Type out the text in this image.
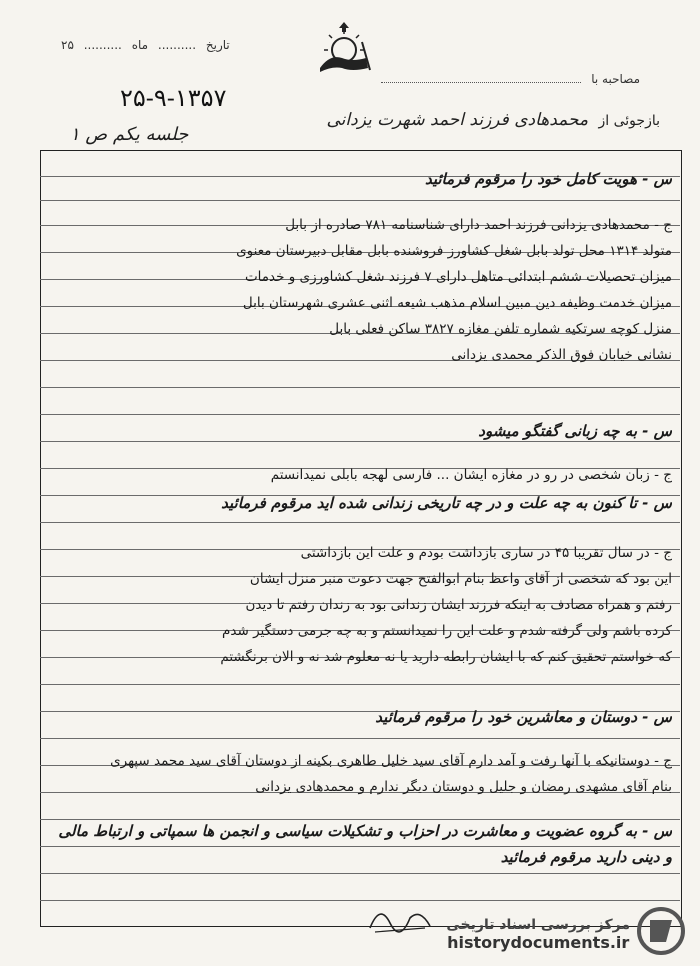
تاریخ .......... ماه .......... ۲۵
مصاحبه با
۲۵-۹-۱۳۵۷
بازجوئی از محمدهادی فرزند احمد شهرت یزدانی
جلسه یکم ص ۱
س - هویت کامل خود را مرقوم فرمائید
ج - محمدهادی یزدانی فرزند احمد دارای شناسنامه ۷۸۱ صادره از بابل
متولد ۱۳۱۴ محل تولد بابل شغل کشاورز فروشنده بابل مقابل دبیرستان معنوی
میزان تحصیلات ششم ابتدائی متاهل دارای ۷ فرزند شغل کشاورزی و خدمات
میزان خدمت وظیفه دین مبین اسلام مذهب شیعه اثنی عشری شهرستان بابل
منزل کوچه سرتکیه شماره تلفن مغازه ۳۸۲۷ ساکن فعلی بابل
نشانی خیابان فوق الذکر محمدی یزدانی
س - به چه زبانی گفتگو میشود
ج - زبان شخصی در رو در مغازه ایشان ... فارسی لهجه بابلی نمیدانستم
س - تا کنون به چه علت و در چه تاریخی زندانی شده اید مرقوم فرمائید
ج - در سال تقریبا ۴۵ در ساری بازداشت بودم و علت این بازداشتی
این بود که شخصی از آقای واعظ بنام ابوالفتح جهت دعوت منبر منزل ایشان
رفتم و همراه مصادف به اینکه فرزند ایشان زندانی بود به زندان رفتم تا دیدن
کرده باشم ولی گرفته شدم و علت این را نمیدانستم و به چه جرمی دستگیر شدم
که خواستم تحقیق کنم که با ایشان رابطه دارید یا نه معلوم شد نه و الان برنگشتم
س - دوستان و معاشرین خود را مرقوم فرمائید
ج - دوستانیکه با آنها رفت و آمد دارم آقای سید خلیل طاهری بکینه از دوستان آقای سید محمد سپهری
بنام آقای مشهدی رمضان و جلیل و دوستان دیگر ندارم و محمدهادی یزدانی
س - به گروه عضویت و معاشرت در احزاب و تشکیلات سیاسی و انجمن ها سمپاتی و ارتباط مالی
و دینی دارید مرقوم فرمائید
مرکز بررسی اسناد تاریخی
historydocuments.ir
